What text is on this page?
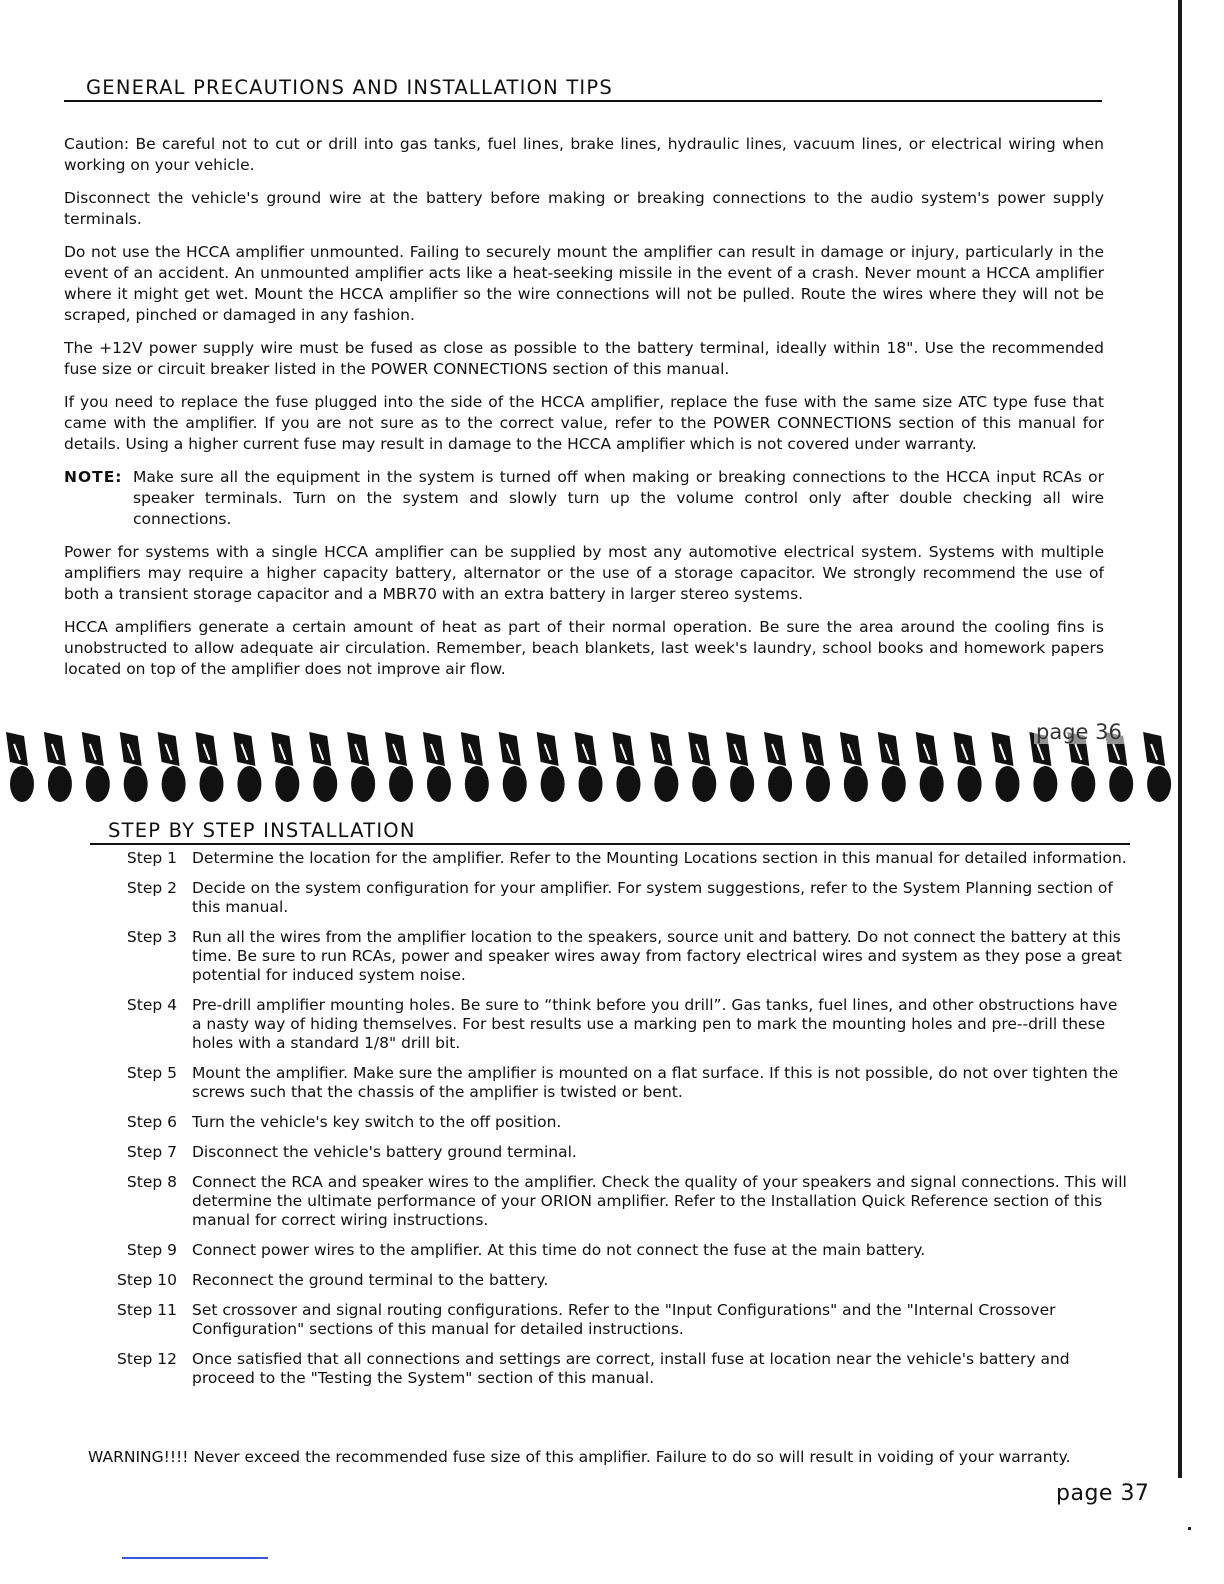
GENERAL PRECAUTIONS AND INSTALLATION TIPS

Caution: Be careful not to cut or drill into gas tanks, fuel lines, brake lines, hydraulic lines, vacuum lines, or electrical wiring when working on your vehicle.

Disconnect the vehicle's ground wire at the battery before making or breaking connections to the audio system's power supply terminals.

Do not use the HCCA amplifier unmounted. Failing to securely mount the amplifier can result in damage or injury, particularly in the event of an accident. An unmounted amplifier acts like a heat-seeking missile in the event of a crash. Never mount a HCCA amplifier where it might get wet. Mount the HCCA amplifier so the wire connections will not be pulled. Route the wires where they will not be scraped, pinched or damaged in any fashion.

The +12V power supply wire must be fused as close as possible to the battery terminal, ideally within 18". Use the recommended fuse size or circuit breaker listed in the POWER CONNECTIONS section of this manual.

If you need to replace the fuse plugged into the side of the HCCA amplifier, replace the fuse with the same size ATC type fuse that came with the amplifier. If you are not sure as to the correct value, refer to the POWER CONNECTIONS section of this manual for details. Using a higher current fuse may result in damage to the HCCA amplifier which is not covered under warranty.

NOTE: Make sure all the equipment in the system is turned off when making or breaking connections to the HCCA input RCAs or speaker terminals. Turn on the system and slowly turn up the volume control only after double checking all wire connections.

Power for systems with a single HCCA amplifier can be supplied by most any automotive electrical system. Systems with multiple amplifiers may require a higher capacity battery, alternator or the use of a storage capacitor. We strongly recommend the use of both a transient storage capacitor and a MBR70 with an extra battery in larger stereo systems.

HCCA amplifiers generate a certain amount of heat as part of their normal operation. Be sure the area around the cooling fins is unobstructed to allow adequate air circulation. Remember, beach blankets, last week's laundry, school books and homework papers located on top of the amplifier does not improve air flow.

page 36
STEP BY STEP INSTALLATION
Step 1 Determine the location for the amplifier. Refer to the Mounting Locations section in this manual for detailed information.
Step 2 Decide on the system configuration for your amplifier. For system suggestions, refer to the System Planning section of this manual.
Step 3 Run all the wires from the amplifier location to the speakers, source unit and battery. Do not connect the battery at this time. Be sure to run RCAs, power and speaker wires away from factory electrical wires and system as they pose a great potential for induced system noise.
Step 4 Pre-drill amplifier mounting holes. Be sure to “think before you drill”. Gas tanks, fuel lines, and other obstructions have a nasty way of hiding themselves. For best results use a marking pen to mark the mounting holes and pre--drill these holes with a standard 1/8" drill bit.
Step 5 Mount the amplifier. Make sure the amplifier is mounted on a flat surface. If this is not possible, do not over tighten the screws such that the chassis of the amplifier is twisted or bent.
Step 6 Turn the vehicle's key switch to the off position.
Step 7 Disconnect the vehicle's battery ground terminal.
Step 8 Connect the RCA and speaker wires to the amplifier. Check the quality of your speakers and signal connections. This will determine the ultimate performance of your ORION amplifier. Refer to the Installation Quick Reference section of this manual for correct wiring instructions.
Step 9 Connect power wires to the amplifier. At this time do not connect the fuse at the main battery.
Step 10 Reconnect the ground terminal to the battery.
Step 11 Set crossover and signal routing configurations. Refer to the "Input Configurations" and the "Internal Crossover Configuration" sections of this manual for detailed instructions.
Step 12 Once satisfied that all connections and settings are correct, install fuse at location near the vehicle's battery and proceed to the "Testing the System" section of this manual.
WARNING!!!! Never exceed the recommended fuse size of this amplifier. Failure to do so will result in voiding of your warranty.
page 37
